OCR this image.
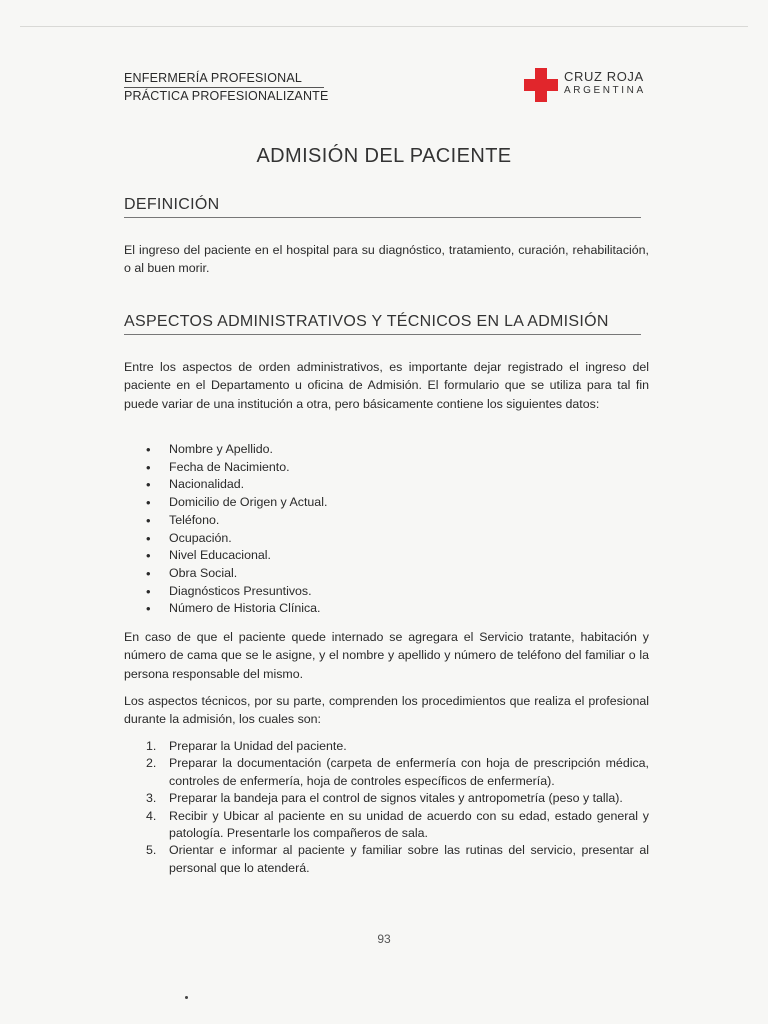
ENFERMERÍA PROFESIONAL
PRÁCTICA PROFESIONALIZANTE
CRUZ ROJA
ARGENTINA
ADMISIÓN DEL PACIENTE
DEFINICIÓN
El ingreso del paciente en el hospital para su diagnóstico, tratamiento, curación, rehabilitación, o al buen morir.
ASPECTOS ADMINISTRATIVOS Y TÉCNICOS EN LA ADMISIÓN
Entre los aspectos de orden administrativos, es importante dejar registrado el ingreso del paciente en el Departamento u oficina de Admisión. El formulario que se utiliza para tal fin puede variar de una institución a otra, pero básicamente contiene los siguientes datos:
• Nombre y Apellido.
• Fecha de Nacimiento.
• Nacionalidad.
• Domicilio de Origen y Actual.
• Teléfono.
• Ocupación.
• Nivel Educacional.
• Obra Social.
• Diagnósticos Presuntivos.
• Número de Historia Clínica.
En caso de que el paciente quede internado se agregara el Servicio tratante, habitación y número de cama que se le asigne, y el nombre y apellido y número de teléfono del familiar o la persona responsable del mismo.
Los aspectos técnicos, por su parte, comprenden los procedimientos que realiza el profesional durante la admisión, los cuales son:
1. Preparar la Unidad del paciente.
2. Preparar la documentación (carpeta de enfermería con hoja de prescripción médica, controles de enfermería, hoja de controles específicos de enfermería).
3. Preparar la bandeja para el control de signos vitales y antropometría (peso y talla).
4. Recibir y Ubicar al paciente en su unidad de acuerdo con su edad, estado general y patología. Presentarle los compañeros de sala.
5. Orientar e informar al paciente y familiar sobre las rutinas del servicio, presentar al personal que lo atenderá.
93
